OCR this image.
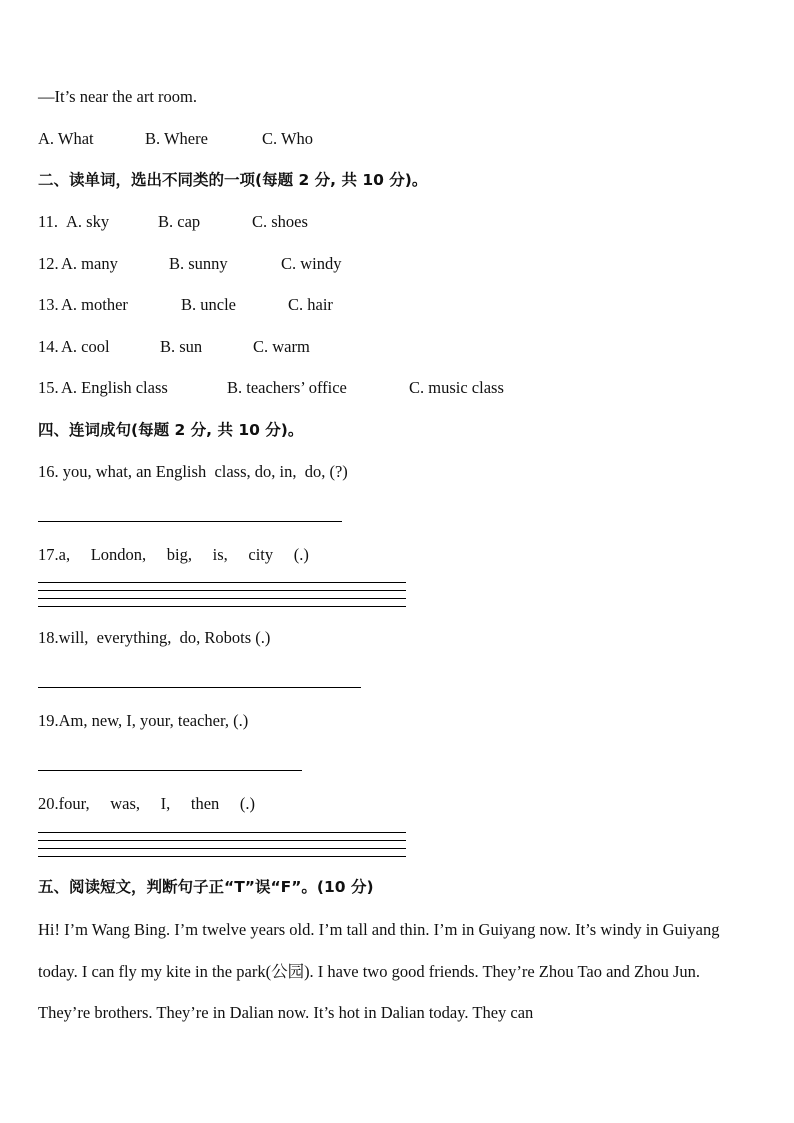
—It’s near the art room.
A. What	B. Where	C. Who
二、读单词，选出不同类的一项(每题 2 分, 共 10 分)。
11. A. sky	B. cap	C. shoes
12. A. many	B. sunny	C. windy
13. A. mother	B. uncle	C. hair
14. A. cool	B. sun	C. warm
15. A. English class	B. teachers’ office	C. music class
四、连词成句(每题 2 分, 共 10 分)。
16. you, what, an English  class, do, in,  do, (?)
17.a,     London,     big,     is,     city     (.)
18.will,  everything,  do, Robots (.)
19.Am, new, I, your, teacher, (.)
20.four,     was,     I,     then     (.)
五、阅读短文，判断句子正“T”误“F”。(10 分)
Hi! I’m Wang Bing. I’m twelve years old. I’m tall and thin. I’m in Guiyang now. It’s windy in Guiyang today. I can fly my kite in the park(公园). I have two good friends. They’re Zhou Tao and Zhou Jun. They’re brothers. They’re in Dalian now. It’s hot in Dalian today. They can
